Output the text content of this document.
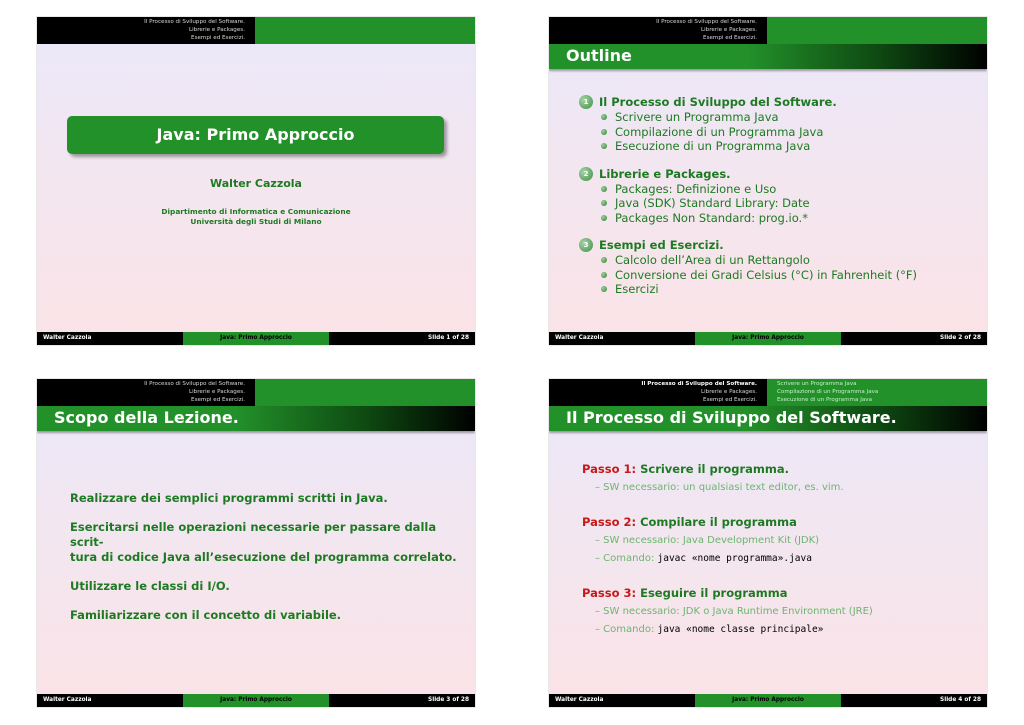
Il Processo di Sviluppo del Software.
Librerie e Packages.
Esempi ed Esercizi.
Java: Primo Approccio
Walter Cazzola
Dipartimento di Informatica e Comunicazione
Università degli Studi di Milano
Walter Cazzola	Java: Primo Approccio	Slide 1 of 28
Il Processo di Sviluppo del Software.
Librerie e Packages.
Esempi ed Esercizi.
Outline
1 Il Processo di Sviluppo del Software.
Scrivere un Programma Java
Compilazione di un Programma Java
Esecuzione di un Programma Java
2 Librerie e Packages.
Packages: Definizione e Uso
Java (SDK) Standard Library: Date
Packages Non Standard: prog.io.*
3 Esempi ed Esercizi.
Calcolo dell’Area di un Rettangolo
Conversione dei Gradi Celsius (°C) in Fahrenheit (°F)
Esercizi
Walter Cazzola	Java: Primo Approccio	Slide 2 of 28
Il Processo di Sviluppo del Software.
Librerie e Packages.
Esempi ed Esercizi.
Scopo della Lezione.

Realizzare dei semplici programmi scritti in Java.

Esercitarsi nelle operazioni necessarie per passare dalla scrit-

tura di codice Java all’esecuzione del programma correlato.

Utilizzare le classi di I/O.

Familiarizzare con il concetto di variabile.

Walter Cazzola	Java: Primo Approccio	Slide 3 of 28
Il Processo di Sviluppo del Software.
Librerie e Packages.
Esempi ed Esercizi.
Scrivere un Programma Java
Compilazione di un Programma Java
Esecuzione di un Programma Java
Il Processo di Sviluppo del Software.
Passo 1: Scrivere il programma.
– SW necessario: un qualsiasi text editor, es. vim.
Passo 2: Compilare il programma
– SW necessario: Java Development Kit (JDK)
– Comando: javac «nome programma».java
Passo 3: Eseguire il programma
– SW necessario: JDK o Java Runtime Environment (JRE)
– Comando: java «nome classe principale»
Walter Cazzola	Java: Primo Approccio	Slide 4 of 28
